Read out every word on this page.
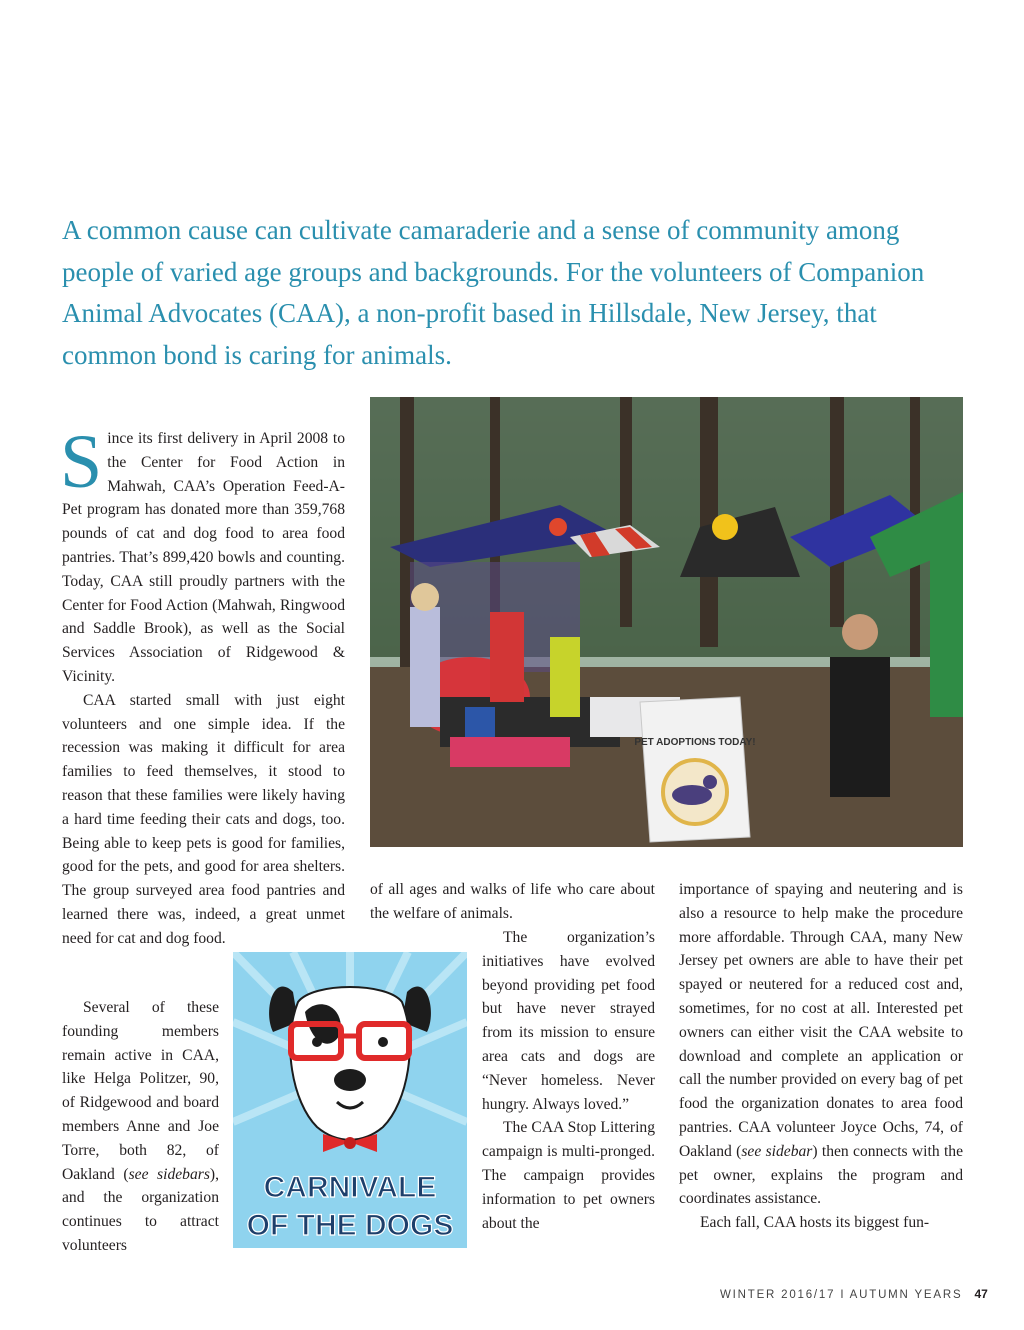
A common cause can cultivate camaraderie and a sense of community among people of varied age groups and backgrounds. For the volunteers of Companion Animal Advocates (CAA), a non-profit based in Hillsdale, New Jersey, that common bond is caring for animals.

Since its first delivery in April 2008 to the Center for Food Action in Mahwah, CAA’s Operation Feed-A-Pet program has donated more than 359,768 pounds of cat and dog food to area food pantries. That’s 899,420 bowls and counting. Today, CAA still proudly partners with the Center for Food Action (Mahwah, Ringwood and Saddle Brook), as well as the Social Services Association of Ridgewood & Vicinity.

CAA started small with just eight volunteers and one simple idea. If the recession was making it difficult for area families to feed themselves, it stood to reason that these families were likely having a hard time feeding their cats and dogs, too. Being able to keep pets is good for families, good for the pets, and good for area shelters. The group surveyed area food pantries and learned there was, indeed, a great unmet need for cat and dog food.

Several of these founding members remain active in CAA, like Helga Politzer, 90, of Ridgewood and board members Anne and Joe Torre, both 82, of Oakland (see sidebars), and the organization continues to attract volunteers

of all ages and walks of life who care about the welfare of animals.

The organization’s initiatives have evolved beyond providing pet food but have never strayed from its mission to ensure area cats and dogs are “Never homeless. Never hungry. Always loved.”

The CAA Stop Littering campaign is multi-pronged. The campaign provides information to pet owners about the

importance of spaying and neutering and is also a resource to help make the procedure more affordable. Through CAA, many New Jersey pet owners are able to have their pet spayed or neutered for a reduced cost and, sometimes, for no cost at all. Interested pet owners can either visit the CAA website to download and complete an application or call the number provided on every bag of pet food the organization donates to area food pantries. CAA volunteer Joyce Ochs, 74, of Oakland (see sidebar) then connects with the pet owner, explains the program and coordinates assistance.

Each fall, CAA hosts its biggest fun-

PET ADOPTIONS TODAY!
CARNIVALE
OF THE DOGS
WINTER 2016/17 I AUTUMN YEARS 47
